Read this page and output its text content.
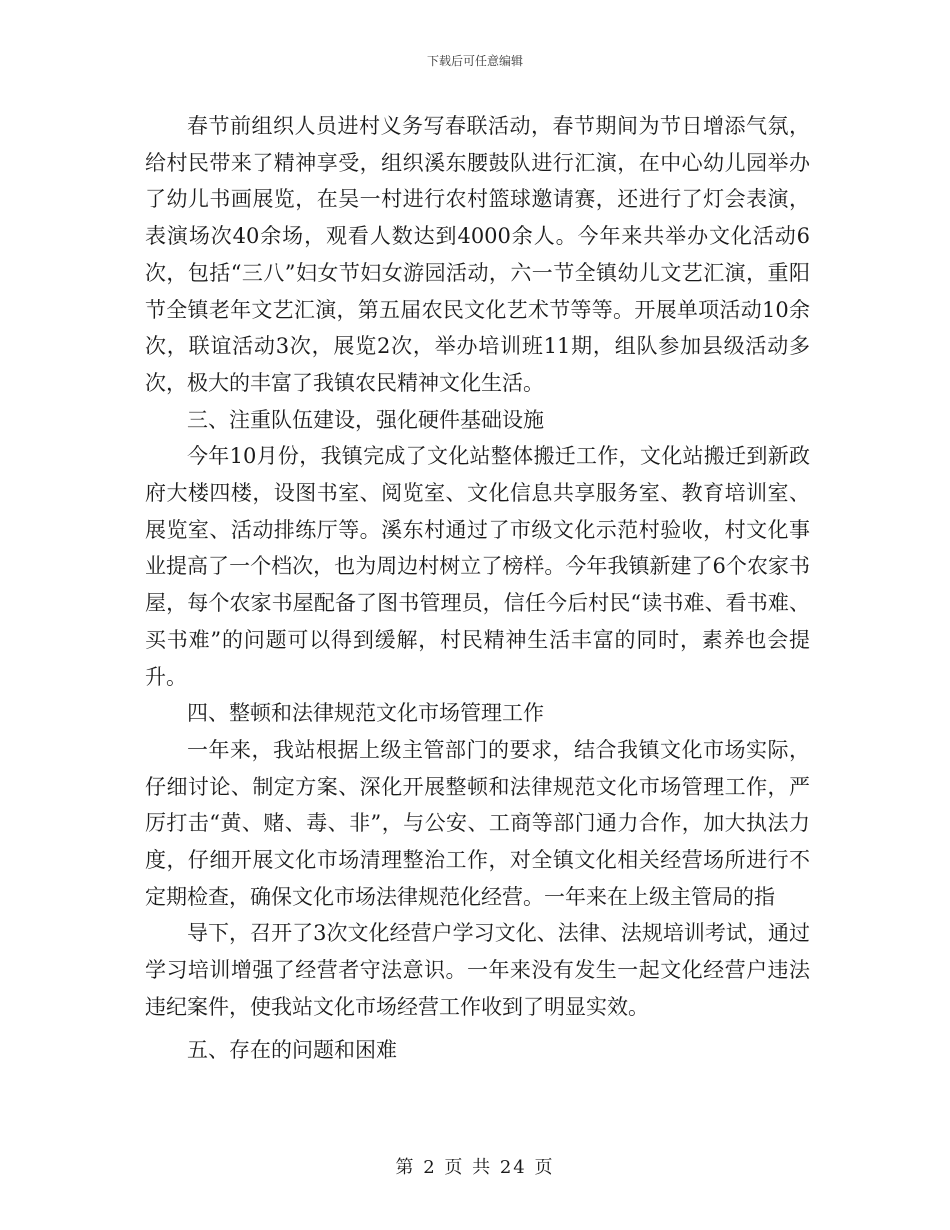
下载后可任意编辑

春节前组织人员进村义务写春联活动，春节期间为节日增添气氛，给村民带来了精神享受，组织溪东腰鼓队进行汇演，在中心幼儿园举办了幼儿书画展览，在吴一村进行农村篮球邀请赛，还进行了灯会表演，表演场次40余场，观看人数达到4000余人。今年来共举办文化活动6次，包括“三八”妇女节妇女游园活动，六一节全镇幼儿文艺汇演，重阳节全镇老年文艺汇演，第五届农民文化艺术节等等。开展单项活动10余次，联谊活动3次，展览2次，举办培训班11期，组队参加县级活动多次，极大的丰富了我镇农民精神文化生活。

三、注重队伍建设，强化硬件基础设施

今年10月份，我镇完成了文化站整体搬迁工作，文化站搬迁到新政府大楼四楼，设图书室、阅览室、文化信息共享服务室、教育培训室、展览室、活动排练厅等。溪东村通过了市级文化示范村验收，村文化事业提高了一个档次，也为周边村树立了榜样。今年我镇新建了6个农家书屋，每个农家书屋配备了图书管理员，信任今后村民“读书难、看书难、买书难”的问题可以得到缓解，村民精神生活丰富的同时，素养也会提升。

四、整顿和法律规范文化市场管理工作

一年来，我站根据上级主管部门的要求，结合我镇文化市场实际，仔细讨论、制定方案、深化开展整顿和法律规范文化市场管理工作，严厉打击“黄、赌、毒、非”，与公安、工商等部门通力合作，加大执法力度，仔细开展文化市场清理整治工作，对全镇文化相关经营场所进行不定期检查，确保文化市场法律规范化经营。一年来在上级主管局的指

导下，召开了3次文化经营户学习文化、法律、法规培训考试，通过学习培训增强了经营者守法意识。一年来没有发生一起文化经营户违法违纪案件，使我站文化市场经营工作收到了明显实效。

五、存在的问题和困难

第 2 页 共 24 页
